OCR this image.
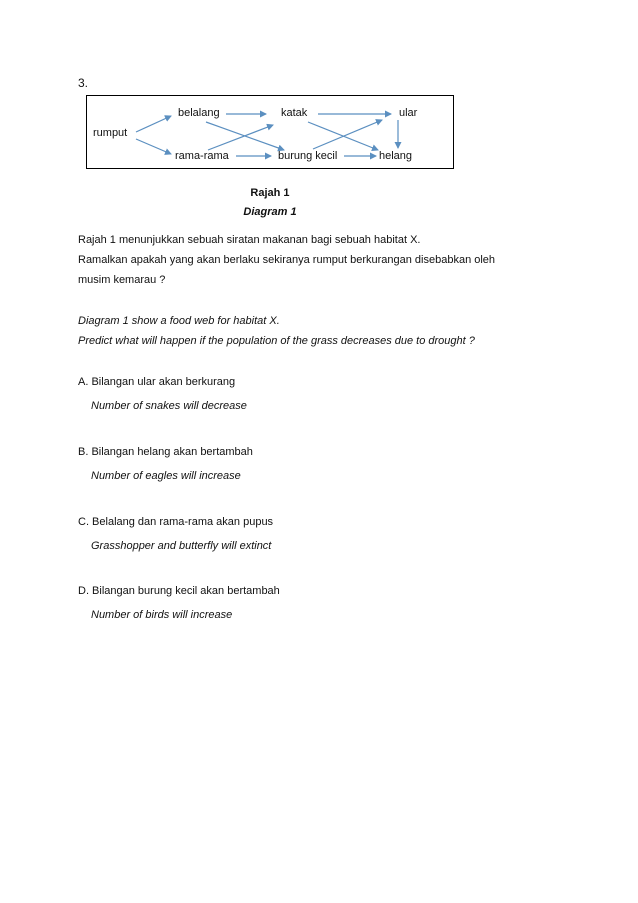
3.
belalang	katak	ular
rumput
rama-rama	burung kecil	helang
Rajah 1
Diagram 1
Rajah 1 menunjukkan sebuah siratan makanan bagi sebuah habitat X.
Ramalkan apakah yang akan berlaku sekiranya rumput berkurangan disebabkan oleh
musim kemarau ?
Diagram 1 show a food web for habitat X.
Predict what will happen if the population of the grass decreases due to drought ?
A. Bilangan ular akan berkurang
Number of snakes will decrease
B. Bilangan helang akan bertambah
Number of eagles will increase
C. Belalang dan rama-rama akan pupus
Grasshopper and butterfly will extinct
D. Bilangan burung kecil akan bertambah
Number of birds will increase
